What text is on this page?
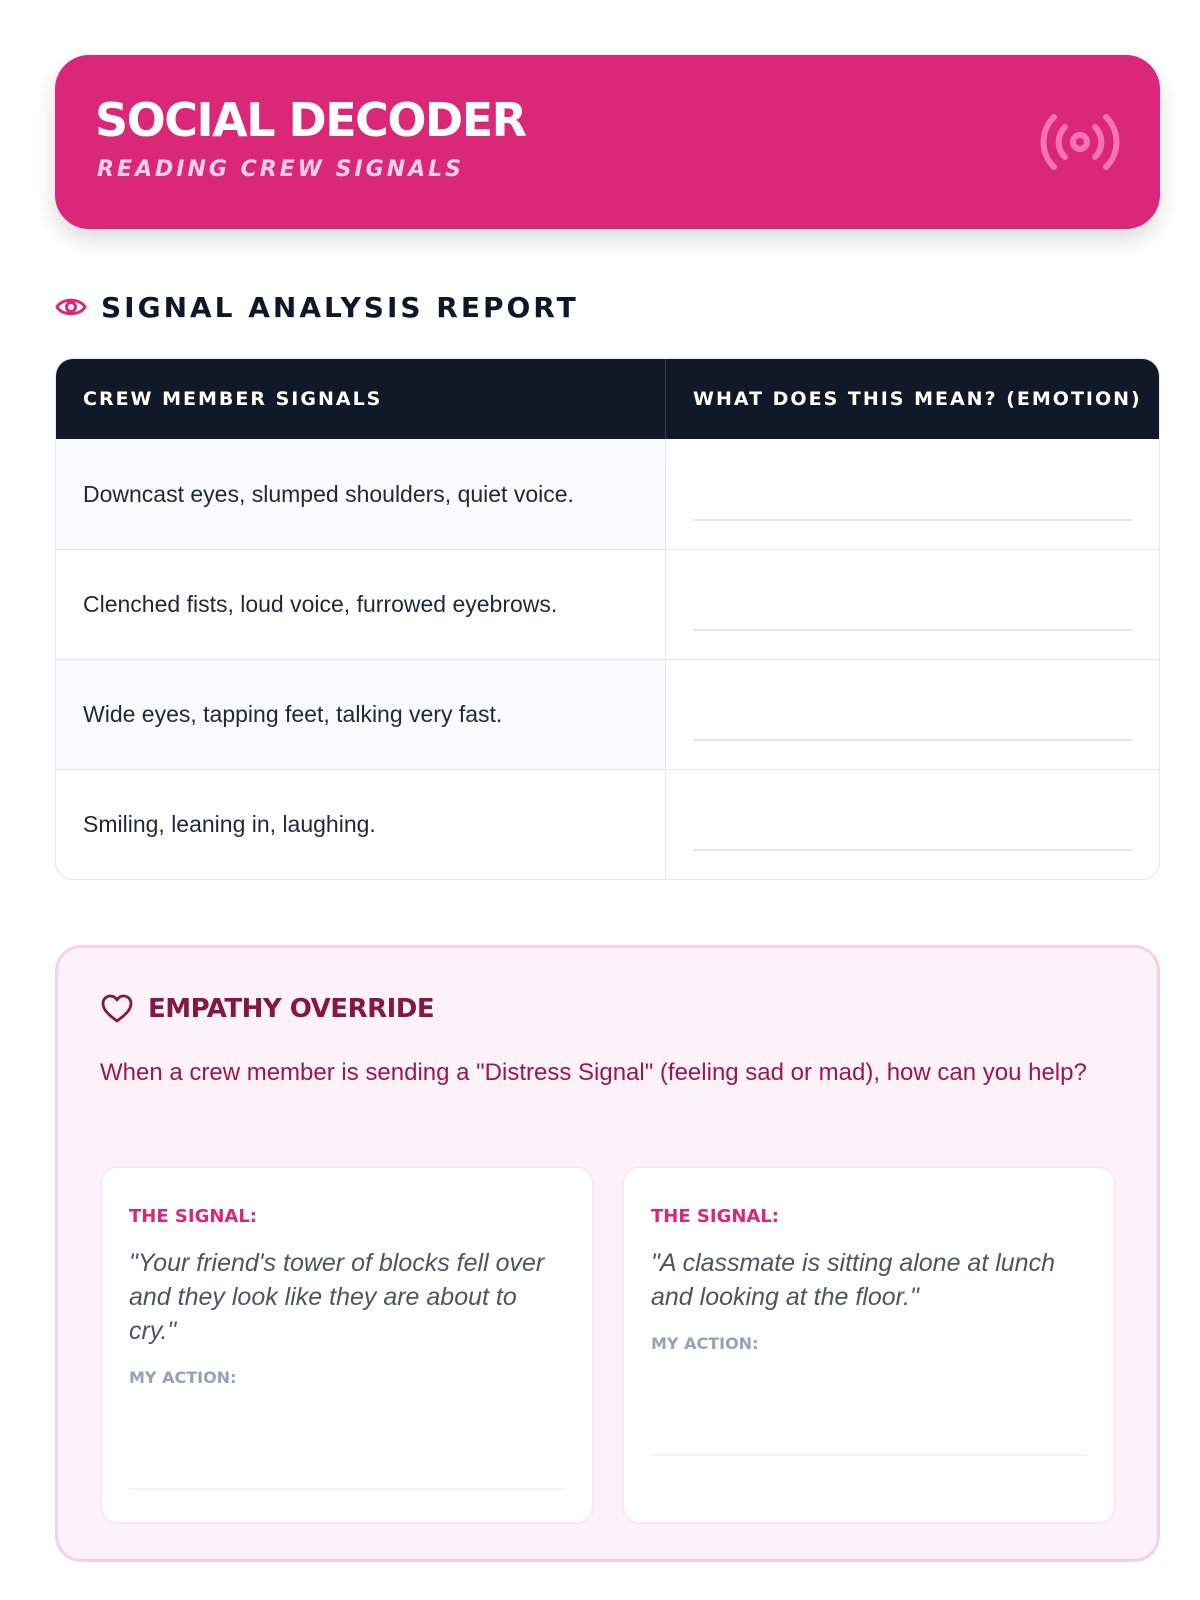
SOCIAL DECODER
READING CREW SIGNALS
SIGNAL ANALYSIS REPORT
CREW MEMBER SIGNALS	WHAT DOES THIS MEAN? (EMOTION)
Downcast eyes, slumped shoulders, quiet voice.
Clenched fists, loud voice, furrowed eyebrows.
Wide eyes, tapping feet, talking very fast.
Smiling, leaning in, laughing.
EMPATHY OVERRIDE
When a crew member is sending a "Distress Signal" (feeling sad or mad), how can you help?
THE SIGNAL:
"Your friend's tower of blocks fell over and they look like they are about to cry."
MY ACTION:
THE SIGNAL:
"A classmate is sitting alone at lunch and looking at the floor."
MY ACTION:
